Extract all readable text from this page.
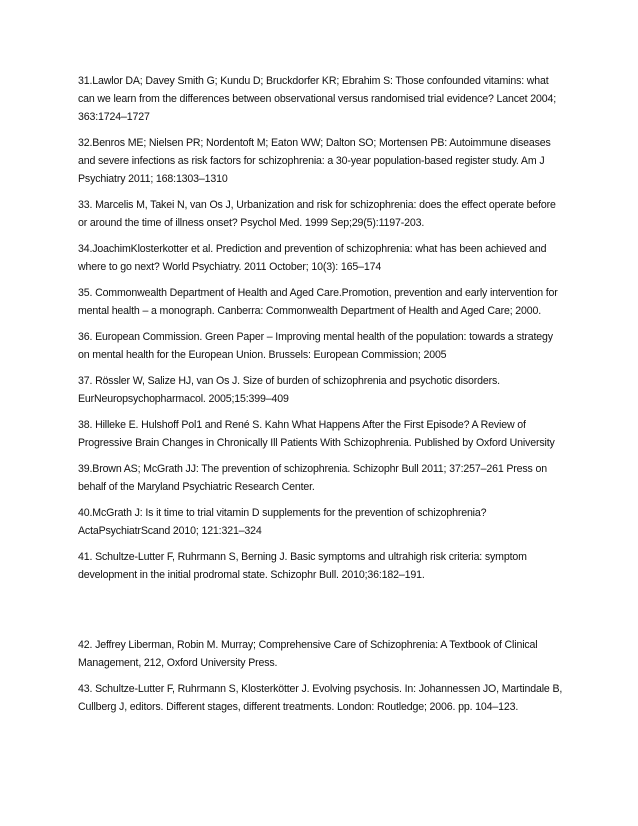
31.Lawlor DA; Davey Smith G; Kundu D; Bruckdorfer KR; Ebrahim S: Those confounded vitamins: what can we learn from the differences between observational versus randomised trial evidence? Lancet 2004; 363:1724–1727
32.Benros ME; Nielsen PR; Nordentoft M; Eaton WW; Dalton SO; Mortensen PB: Autoimmune diseases and severe infections as risk factors for schizophrenia: a 30-year population-based register study. Am J Psychiatry 2011; 168:1303–1310
33. Marcelis M, Takei N, van Os J, Urbanization and risk for schizophrenia: does the effect operate before or around the time of illness onset? Psychol Med. 1999 Sep;29(5):1197-203.
34.JoachimKlosterkotter et al. Prediction and prevention of schizophrenia: what has been achieved and where to go next? World Psychiatry. 2011 October; 10(3): 165–174
35. Commonwealth Department of Health and Aged Care.Promotion, prevention and early intervention for mental health – a monograph. Canberra: Commonwealth Department of Health and Aged Care; 2000.
36. European Commission. Green Paper – Improving mental health of the population: towards a strategy on mental health for the European Union. Brussels: European Commission; 2005
37. Rössler W, Salize HJ, van Os J. Size of burden of schizophrenia and psychotic disorders. EurNeuropsychopharmacol. 2005;15:399–409
38. Hilleke E. Hulshoff Pol1 and René S. Kahn What Happens After the First Episode? A Review of Progressive Brain Changes in Chronically Ill Patients With Schizophrenia. Published by Oxford University
39.Brown AS; McGrath JJ: The prevention of schizophrenia. Schizophr Bull 2011; 37:257–261 Press on behalf of the Maryland Psychiatric Research Center.
40.McGrath J: Is it time to trial vitamin D supplements for the prevention of schizophrenia? ActaPsychiatrScand 2010; 121:321–324
41. Schultze-Lutter F, Ruhrmann S, Berning J. Basic symptoms and ultrahigh risk criteria: symptom development in the initial prodromal state. Schizophr Bull. 2010;36:182–191.
42. Jeffrey Liberman, Robin M. Murray; Comprehensive Care of Schizophrenia: A Textbook of Clinical Management, 212, Oxford University Press.
43. Schultze-Lutter F, Ruhrmann S, Klosterkötter J. Evolving psychosis. In: Johannessen JO, Martindale B, Cullberg J, editors. Different stages, different treatments. London: Routledge; 2006. pp. 104–123.
